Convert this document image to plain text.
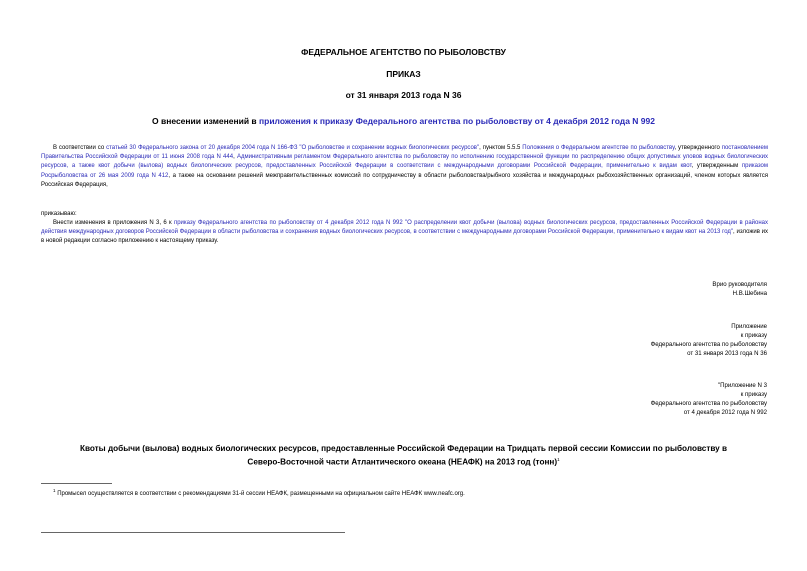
ФЕДЕРАЛЬНОЕ АГЕНТСТВО ПО РЫБОЛОВСТВУ
ПРИКАЗ
от 31 января 2013 года N 36
О внесении изменений в приложения к приказу Федерального агентства по рыболовству от 4 декабря 2012 года N 992
В соответствии со статьей 30 Федерального закона от 20 декабря 2004 года N 166-ФЗ "О рыболовстве и сохранении водных биологических ресурсов", пунктом 5.5.5 Положения о Федеральном агентстве по рыболовству, утвержденного постановлением Правительства Российской Федерации от 11 июня 2008 года N 444, Административным регламентом Федерального агентства по рыболовству по исполнению государственной функции по распределению общих допустимых уловов водных биологических ресурсов, а также квот добычи (вылова) водных биологических ресурсов, предоставленных Российской Федерации в соответствии с международными договорами Российской Федерации, применительно к видам квот, утвержденным приказом Росрыболовства от 26 мая 2009 года N 412, а также на основании решений межправительственных комиссий по сотрудничеству в области рыболовства/рыбного хозяйства и международных рыбохозяйственных организаций, членом которых является Российская Федерация,
приказываю:
Внести изменения в приложения N 3, 6 к приказу Федерального агентства по рыболовству от 4 декабря 2012 года N 992 "О распределении квот добычи (вылова) водных биологических ресурсов, предоставленных Российской Федерации в районах действия международных договоров Российской Федерации в области рыболовства и сохранения водных биологических ресурсов, в соответствии с международными договорами Российской Федерации, применительно к видам квот на 2013 год", изложив их в новой редакции согласно приложению к настоящему приказу.
Врио руководителя
Н.В.Шебина
Приложение
к приказу
Федерального агентства по рыболовству
от 31 января 2013 года N 36
"Приложение N 3
к приказу
Федерального агентства по рыболовству
от 4 декабря 2012 года N 992
Квоты добычи (вылова) водных биологических ресурсов, предоставленные Российской Федерации на Тридцать первой сессии Комиссии по рыболовству в
Северо-Восточной части Атлантического океана (НЕАФК) на 2013 год (тонн)$^1$
$^1$ Промысел осуществляется в соответствии с рекомендациями 31-й сессии НЕАФК, размещенными на официальном сайте НЕАФК www.neafc.org.
